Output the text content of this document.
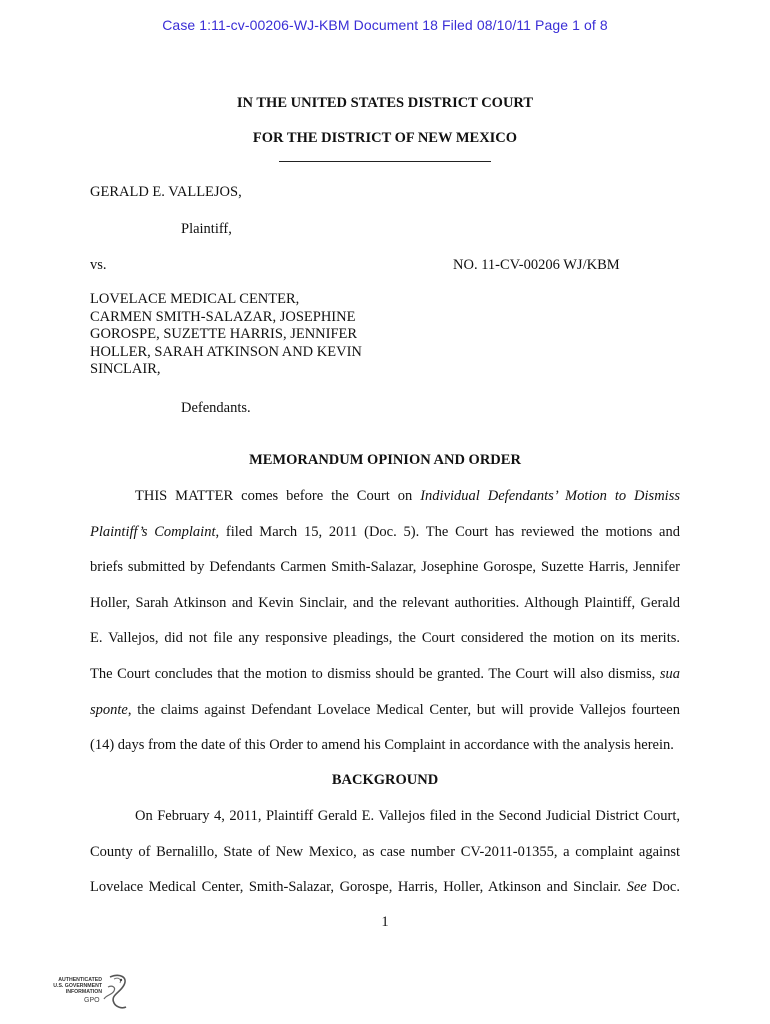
Case 1:11-cv-00206-WJ-KBM Document 18 Filed 08/10/11 Page 1 of 8
IN THE UNITED STATES DISTRICT COURT
FOR THE DISTRICT OF NEW MEXICO
GERALD E. VALLEJOS,
Plaintiff,
vs.	NO. 11-CV-00206 WJ/KBM
LOVELACE MEDICAL CENTER,
CARMEN SMITH-SALAZAR, JOSEPHINE
GOROSPE, SUZETTE HARRIS, JENNIFER
HOLLER, SARAH ATKINSON AND KEVIN
SINCLAIR,
Defendants.
MEMORANDUM OPINION AND ORDER
THIS MATTER comes before the Court on Individual Defendants’ Motion to Dismiss
Plaintiff’s Complaint, filed March 15, 2011 (Doc. 5). The Court has reviewed the motions and
briefs submitted by Defendants Carmen Smith-Salazar, Josephine Gorospe, Suzette Harris, Jennifer
Holler, Sarah Atkinson and Kevin Sinclair, and the relevant authorities. Although Plaintiff, Gerald
E. Vallejos, did not file any responsive pleadings, the Court considered the motion on its merits.
The Court concludes that the motion to dismiss should be granted. The Court will also dismiss, sua
sponte, the claims against Defendant Lovelace Medical Center, but will provide Vallejos fourteen
(14) days from the date of this Order to amend his Complaint in accordance with the analysis herein.
BACKGROUND
On February 4, 2011, Plaintiff Gerald E. Vallejos filed in the Second Judicial District Court,
County of Bernalillo, State of New Mexico, as case number CV-2011-01355, a complaint against
Lovelace Medical Center, Smith-Salazar, Gorospe, Harris, Holler, Atkinson and Sinclair. See Doc.
1
AUTHENTICATED
U.S. GOVERNMENT
INFORMATION
GPO
